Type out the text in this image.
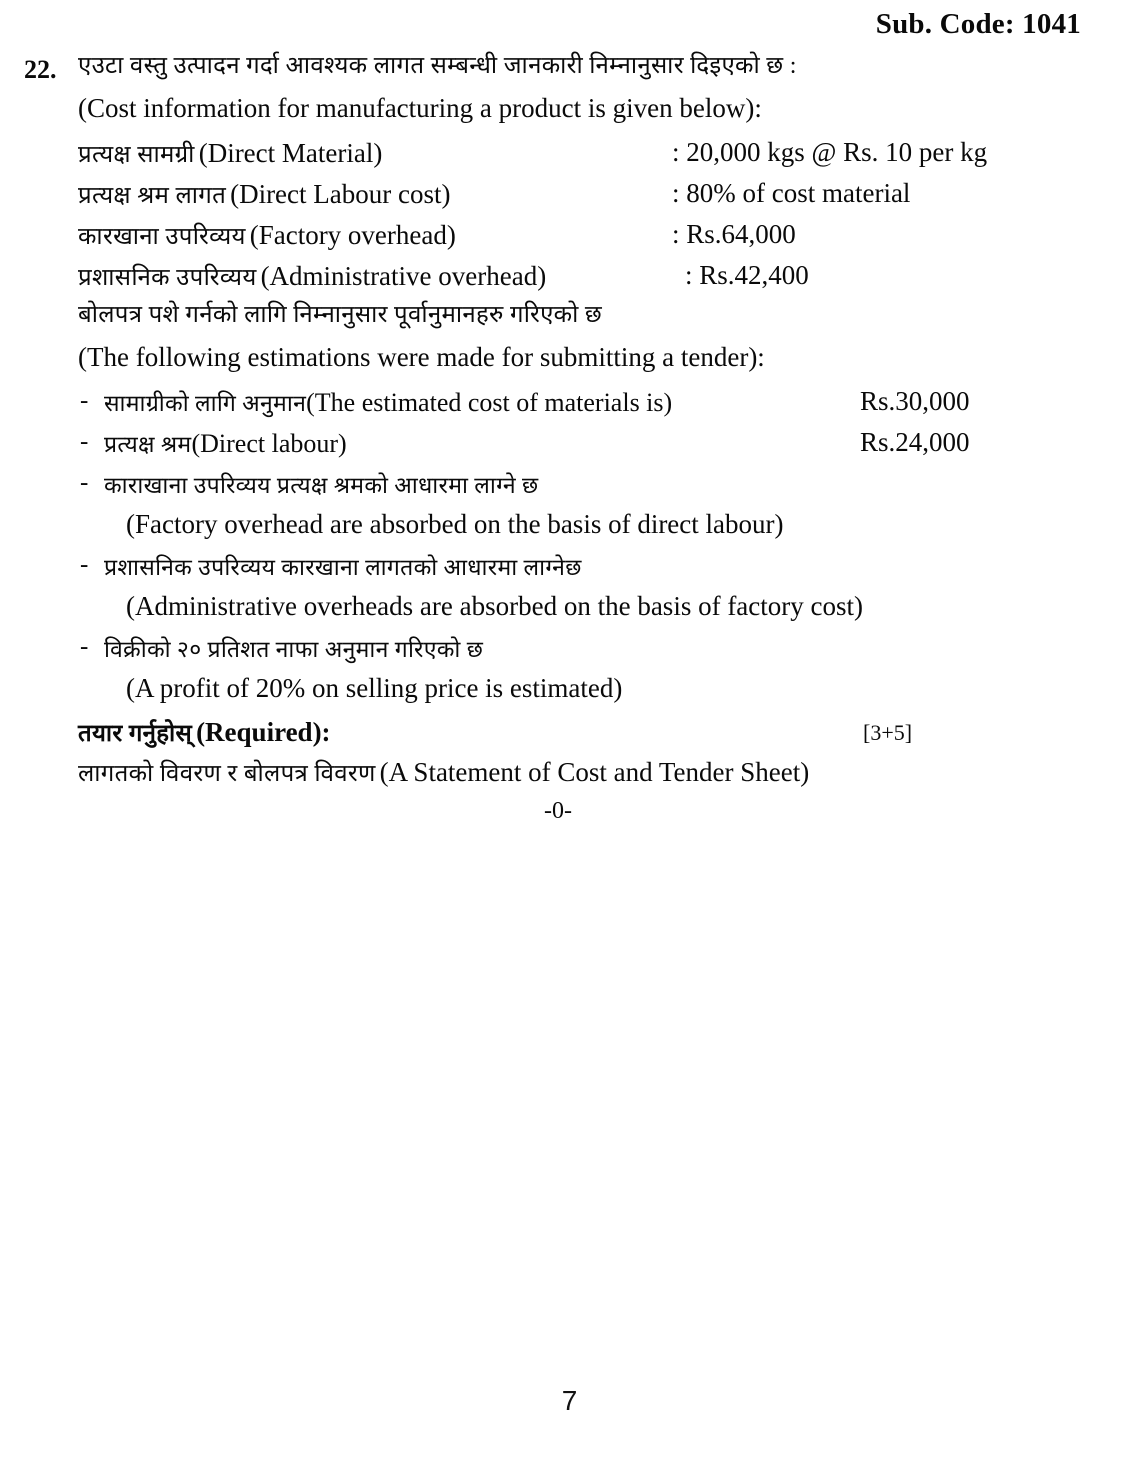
Sub. Code: 1041
22. एउटा वस्तु उत्पादन गर्दा आवश्यक लागत सम्बन्धी जानकारी निम्नानुसार दिइएको छ :
(Cost information for manufacturing a product is given below):
प्रत्यक्ष सामग्री (Direct Material)	: 20,000 kgs @ Rs. 10 per kg
प्रत्यक्ष श्रम लागत (Direct Labour cost)	: 80% of cost material
कारखाना उपरिव्यय (Factory overhead)	: Rs.64,000
प्रशासनिक उपरिव्यय (Administrative overhead)	: Rs.42,400
बोलपत्र पशे गर्नको लागि निम्नानुसार पूर्वानुमानहरु गरिएको छ
(The following estimations were made for submitting a tender):
- सामाग्रीको लागि अनुमान(The estimated cost of materials is)	Rs.30,000
- प्रत्यक्ष श्रम(Direct labour)	Rs.24,000
- काराखाना उपरिव्यय प्रत्यक्ष श्रमको आधारमा लाग्ने छ
(Factory overhead are absorbed on the basis of direct labour)
- प्रशासनिक उपरिव्यय कारखाना लागतको आधारमा लाग्नेछ
(Administrative overheads are absorbed on the basis of factory cost)
- विक्रीको २० प्रतिशत नाफा अनुमान गरिएको छ
(A profit of 20% on selling price is estimated)
तयार गर्नुहोस् (Required):	[3+5]
लागतको विवरण र बोलपत्र विवरण (A Statement of Cost and Tender Sheet)
-0-
7
